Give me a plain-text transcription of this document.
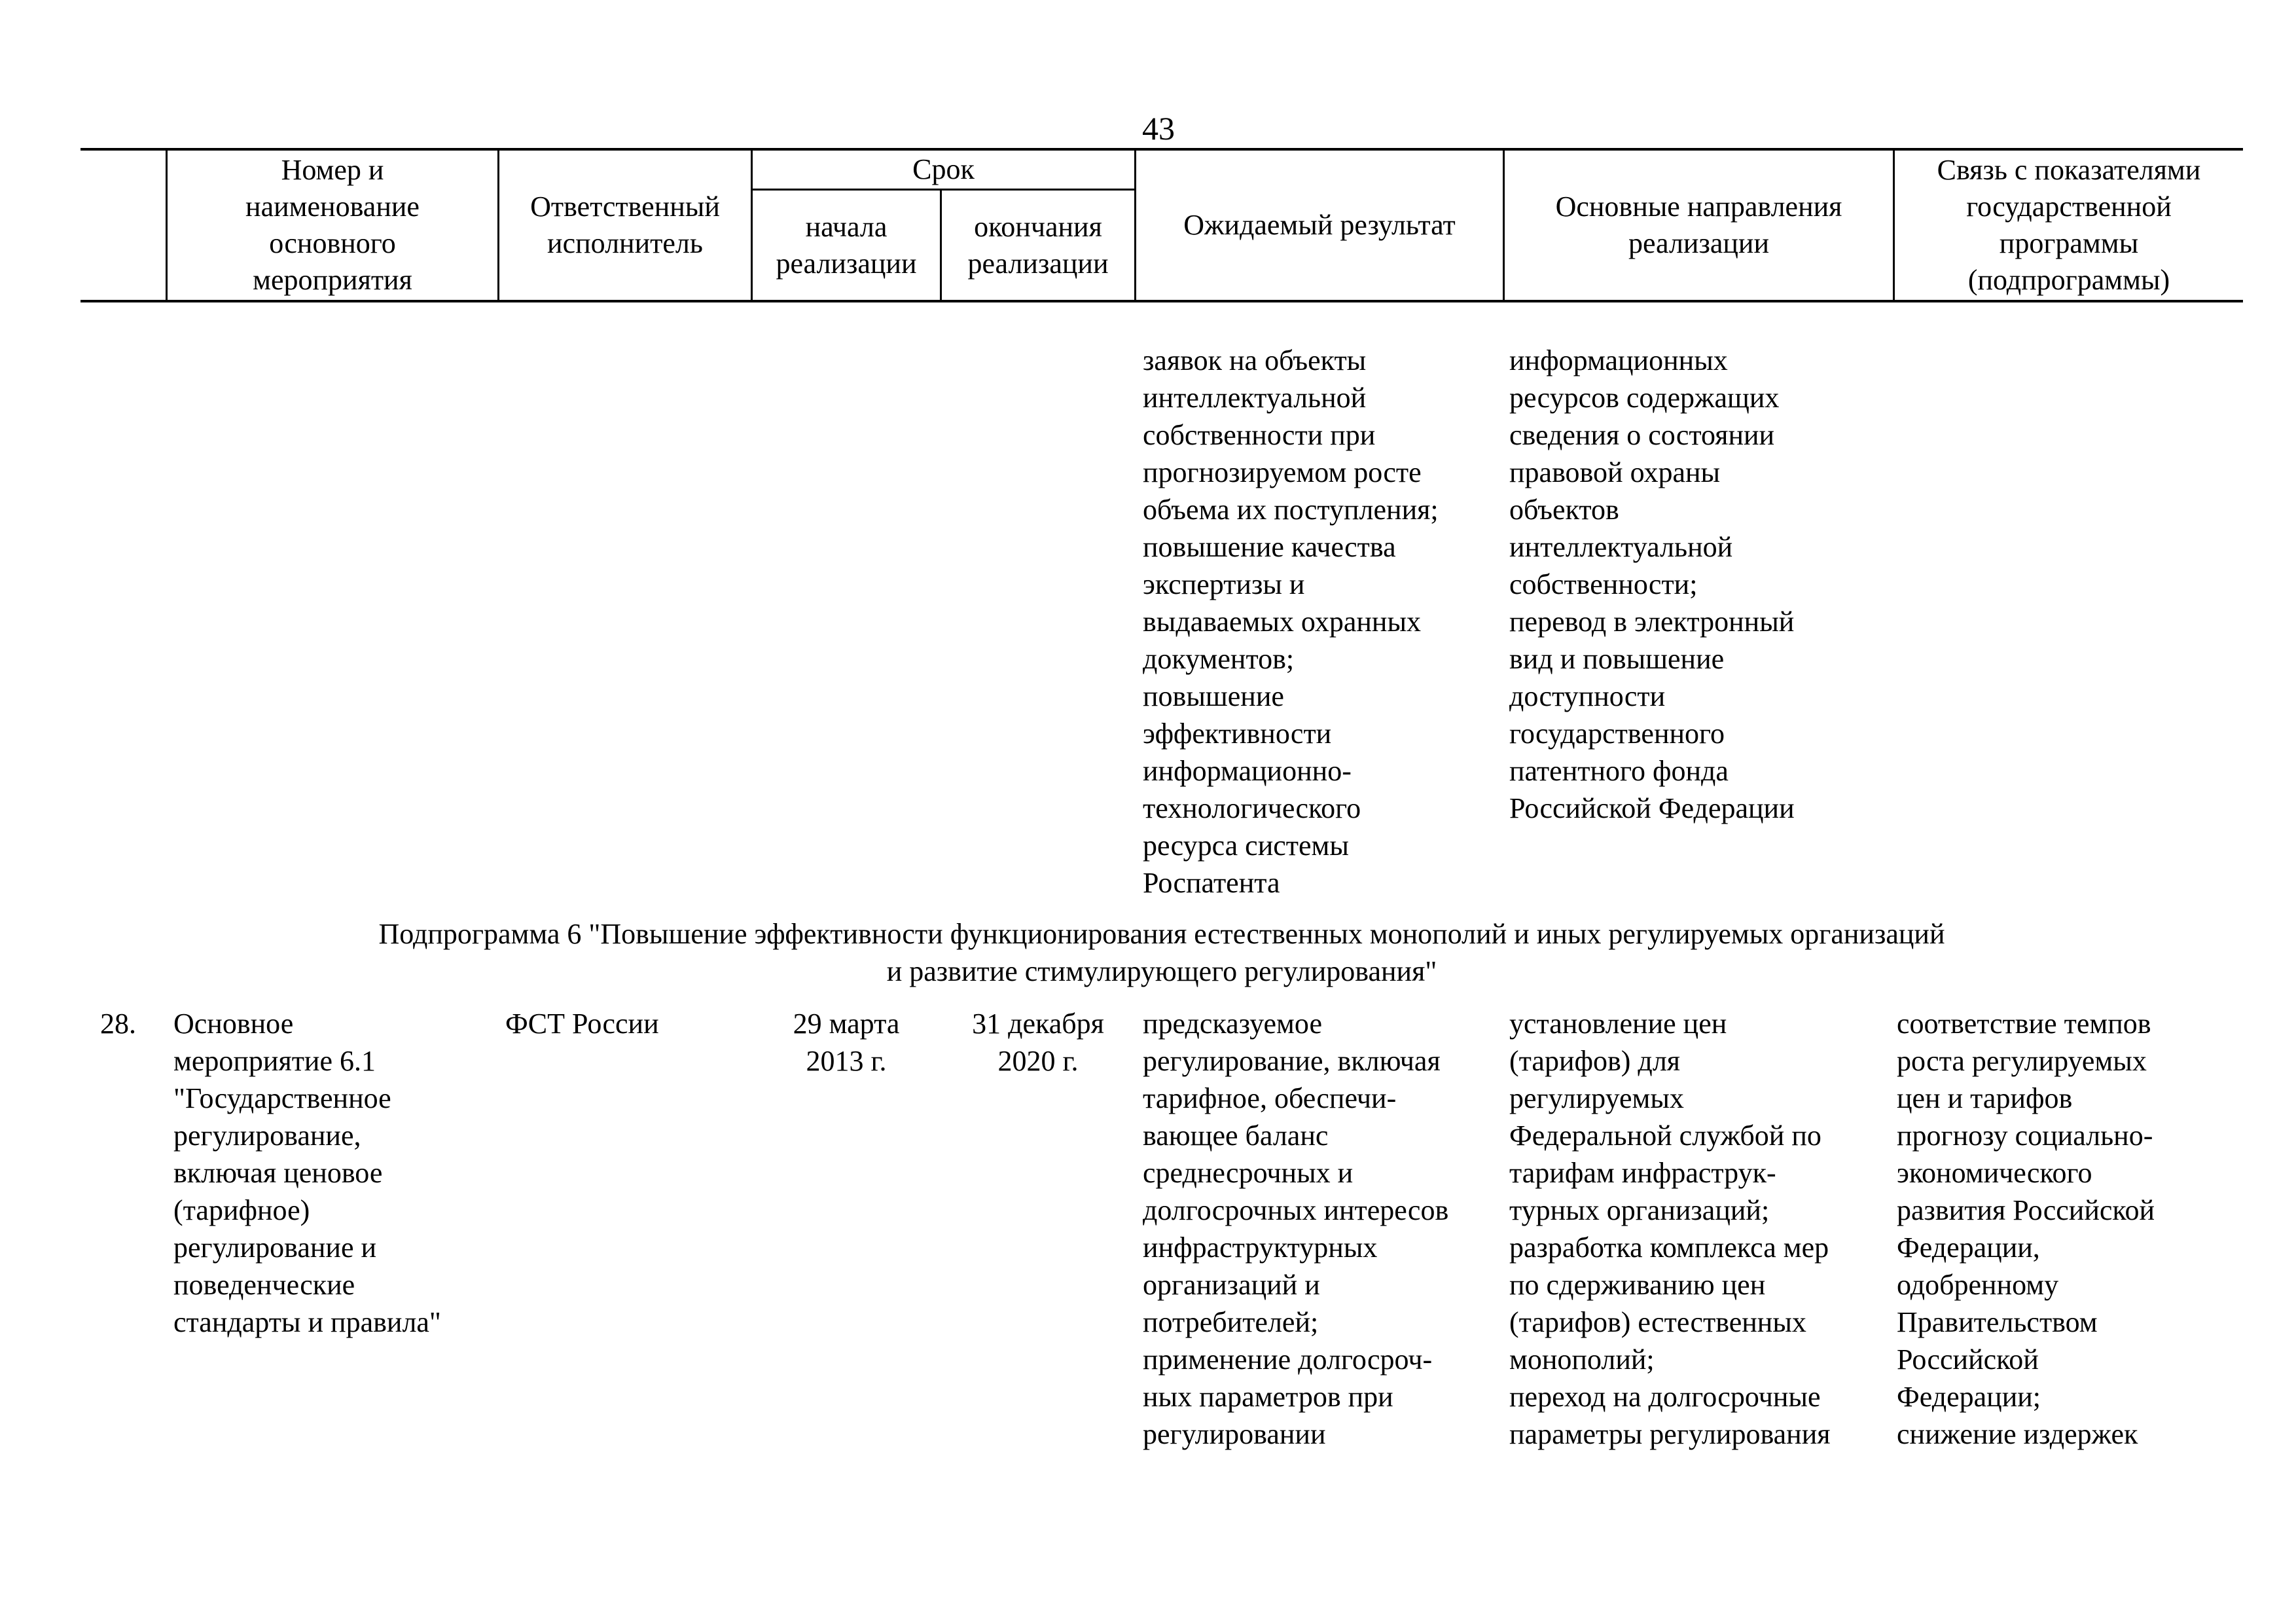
43
Номер и
наименование
основного
мероприятия
Ответственный
исполнитель
Срок
начала
реализации
окончания
реализации
Ожидаемый результат
Основные направления
реализации
Связь с показателями
государственной
программы
(подпрограммы)
заявок на объекты
интеллектуальной
собственности при
прогнозируемом росте
объема их поступления;
повышение качества
экспертизы и
выдаваемых охранных
документов;
повышение
эффективности
информационно-
технологического
ресурса системы
Роспатента
информационных
ресурсов содержащих
сведения о состоянии
правовой охраны
объектов
интеллектуальной
собственности;
перевод в электронный
вид и повышение
доступности
государственного
патентного фонда
Российской Федерации
Подпрограмма 6 "Повышение эффективности функционирования естественных монополий и иных регулируемых организаций
и развитие стимулирующего регулирования"
28.	Основное
мероприятие 6.1
"Государственное
регулирование,
включая ценовое
(тарифное)
регулирование и
поведенческие
стандарты и правила"
ФСТ России	29 марта
2013 г.
31 декабря
2020 г.
предсказуемое
регулирование, включая
тарифное, обеспечи-
вающее баланс
среднесрочных и
долгосрочных интересов
инфраструктурных
организаций и
потребителей;
применение долгосроч-
ных параметров при
регулировании
установление цен
(тарифов) для
регулируемых
Федеральной службой по
тарифам инфраструк-
турных организаций;
разработка комплекса мер
по сдерживанию цен
(тарифов) естественных
монополий;
переход на долгосрочные
параметры регулирования
соответствие темпов
роста регулируемых
цен и тарифов
прогнозу социально-
экономического
развития Российской
Федерации,
одобренному
Правительством
Российской
Федерации;
снижение издержек
